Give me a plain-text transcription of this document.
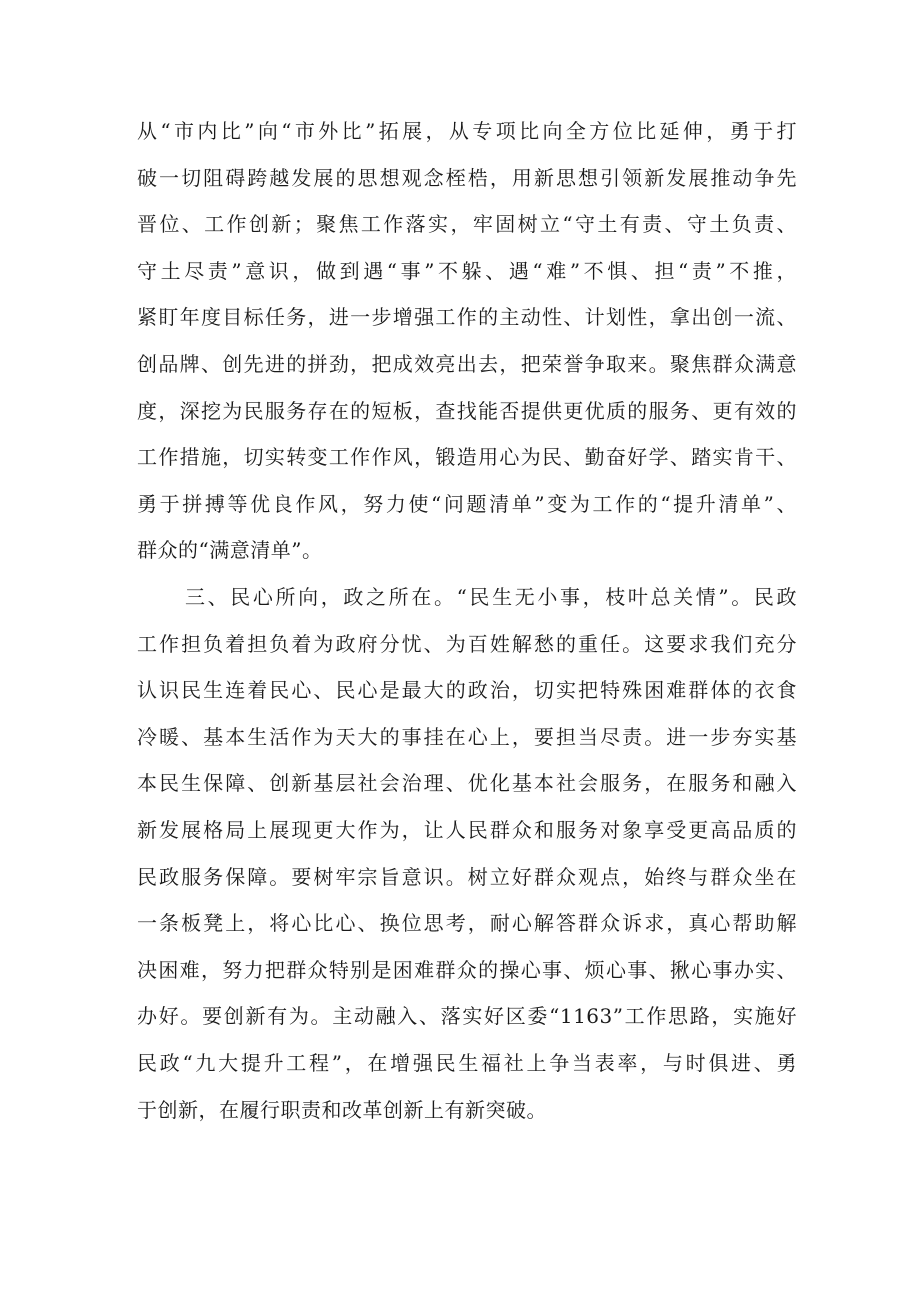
从“市内比”向“市外比”拓展，从专项比向全方位比延伸，勇于打
破一切阻碍跨越发展的思想观念桎梏，用新思想引领新发展推动争先
晋位、工作创新；聚焦工作落实，牢固树立“守土有责、守土负责、
守土尽责”意识，做到遇“事”不躲、遇“难”不惧、担“责”不推，
紧盯年度目标任务，进一步增强工作的主动性、计划性，拿出创一流、
创品牌、创先进的拼劲，把成效亮出去，把荣誉争取来。聚焦群众满意
度，深挖为民服务存在的短板，查找能否提供更优质的服务、更有效的
工作措施，切实转变工作作风，锻造用心为民、勤奋好学、踏实肯干、
勇于拼搏等优良作风，努力使“问题清单”变为工作的“提升清单”、
群众的“满意清单”。
三、民心所向，政之所在。“民生无小事，枝叶总关情”。民政
工作担负着担负着为政府分忧、为百姓解愁的重任。这要求我们充分
认识民生连着民心、民心是最大的政治，切实把特殊困难群体的衣食
冷暖、基本生活作为天大的事挂在心上，要担当尽责。进一步夯实基
本民生保障、创新基层社会治理、优化基本社会服务，在服务和融入
新发展格局上展现更大作为，让人民群众和服务对象享受更高品质的
民政服务保障。要树牢宗旨意识。树立好群众观点，始终与群众坐在
一条板凳上，将心比心、换位思考，耐心解答群众诉求，真心帮助解
决困难，努力把群众特别是困难群众的操心事、烦心事、揪心事办实、
办好。要创新有为。主动融入、落实好区委“1163”工作思路，实施好
民政“九大提升工程”，在增强民生福社上争当表率，与时俱进、勇
于创新，在履行职责和改革创新上有新突破。
